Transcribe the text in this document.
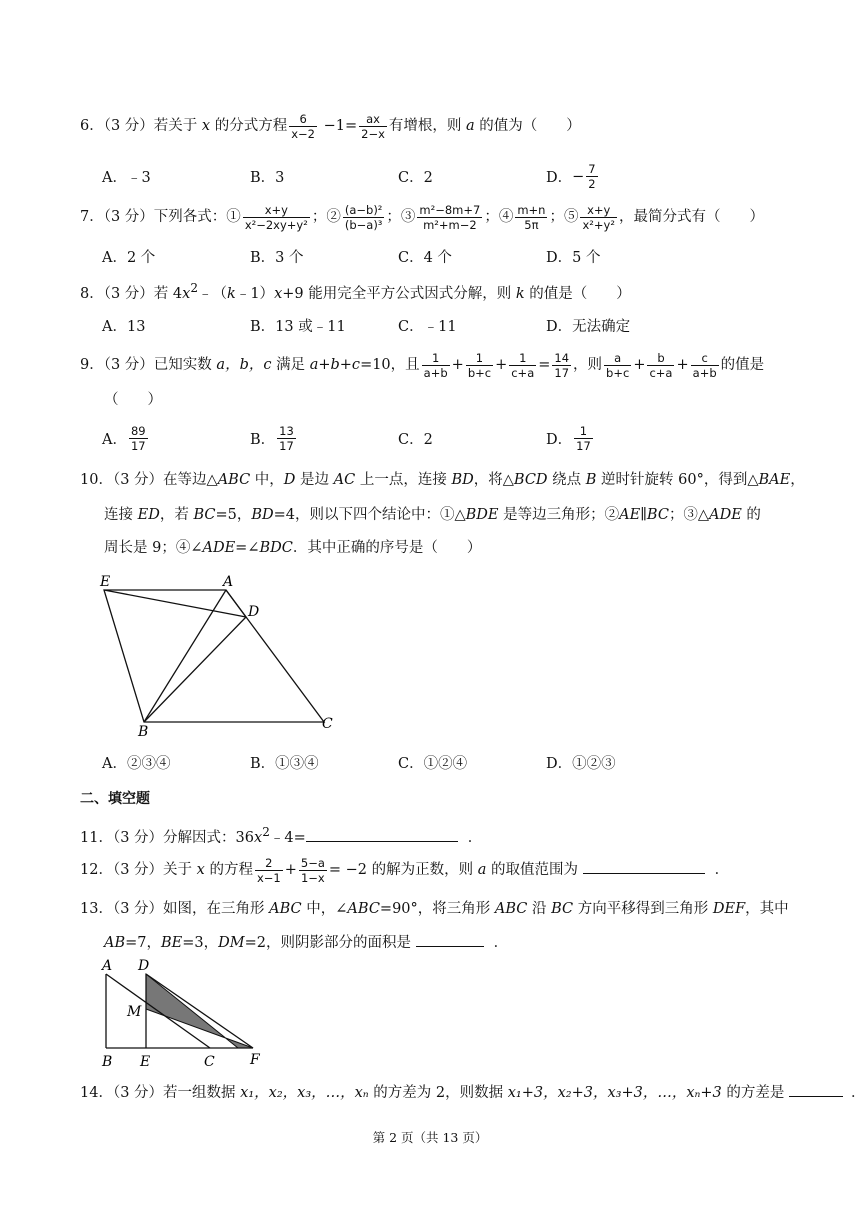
6．（3 分）若关于 x 的分式方程 $\frac{6}{x-2} -1= \frac{ax}{2-x}$ 有增根，则 a 的值为（　　）
A．﹣3	B．3	C．2	D． − $\frac{7}{2}$
7．（3 分）下列各式：① $\frac{x+y}{\text{x²−2xy+y²}}$ ；② $\frac{\text{(a−b)²}}{\text{(b−a)³}}$ ；③ $\frac{\text{m²−8m+7}}{\text{m²+m−2}}$ ；④ $\frac{m+n}{5\pi}$ ；⑤ $\frac{x+y}{\text{x²+y²}}$ ，最简分式有（　　）
A．2 个	B．3 个	C．4 个	D．5 个
8．（3 分）若 $4x^2﹣(k﹣1)x+9$ 能用完全平方公式因式分解，则 k 的值是（　　）
A．13	B．13 或﹣11	C．﹣11	D．无法确定
9．（3 分）已知实数 a，b，c 满足 a+b+c=10，且 $\frac{1}{a+b} + \frac{1}{b+c} + \frac{1}{c+a} = \frac{14}{17}$ ，则 $\frac{a}{b+c} + \frac{b}{c+a} + \frac{c}{a+b}$ 的值是
（　　）
A． $\frac{89}{17}$	B． $\frac{13}{17}$	C．2	D． $\frac{1}{17}$
10．（3 分）在等边△ABC 中，D 是边 AC 上一点，连接 BD，将△BCD 绕点 B 逆时针旋转 60°，得到△BAE，
连接 ED，若 BC=5，BD=4，则以下四个结论中：①△BDE 是等边三角形；②AE∥BC；③△ADE 的
周长是 9；④∠ADE=∠BDC．其中正确的序号是（　　）
E	A
D
B	C
A．②③④	B．①③④	C．①②④	D．①②③
二、填空题
11．（3 分）分解因式：$36x^2﹣4=$	．
12．（3 分）关于 x 的方程 $\frac{2}{x-1} + \frac{5-a}{1-x} = -2$ 的解为正数，则 a 的取值范围为	．
13．（3 分）如图，在三角形 ABC 中，∠ABC=90°，将三角形 ABC 沿 BC 方向平移得到三角形 DEF，其中
AB=7，BE=3，DM=2，则阴影部分的面积是	．
A D
M
B E	C	F
14．（3 分）若一组数据 x₁，x₂，x₃，…，xₙ 的方差为 2，则数据 x₁+3，x₂+3，x₃+3，…，xₙ+3 的方差是	．
第 2 页（共 13 页）
